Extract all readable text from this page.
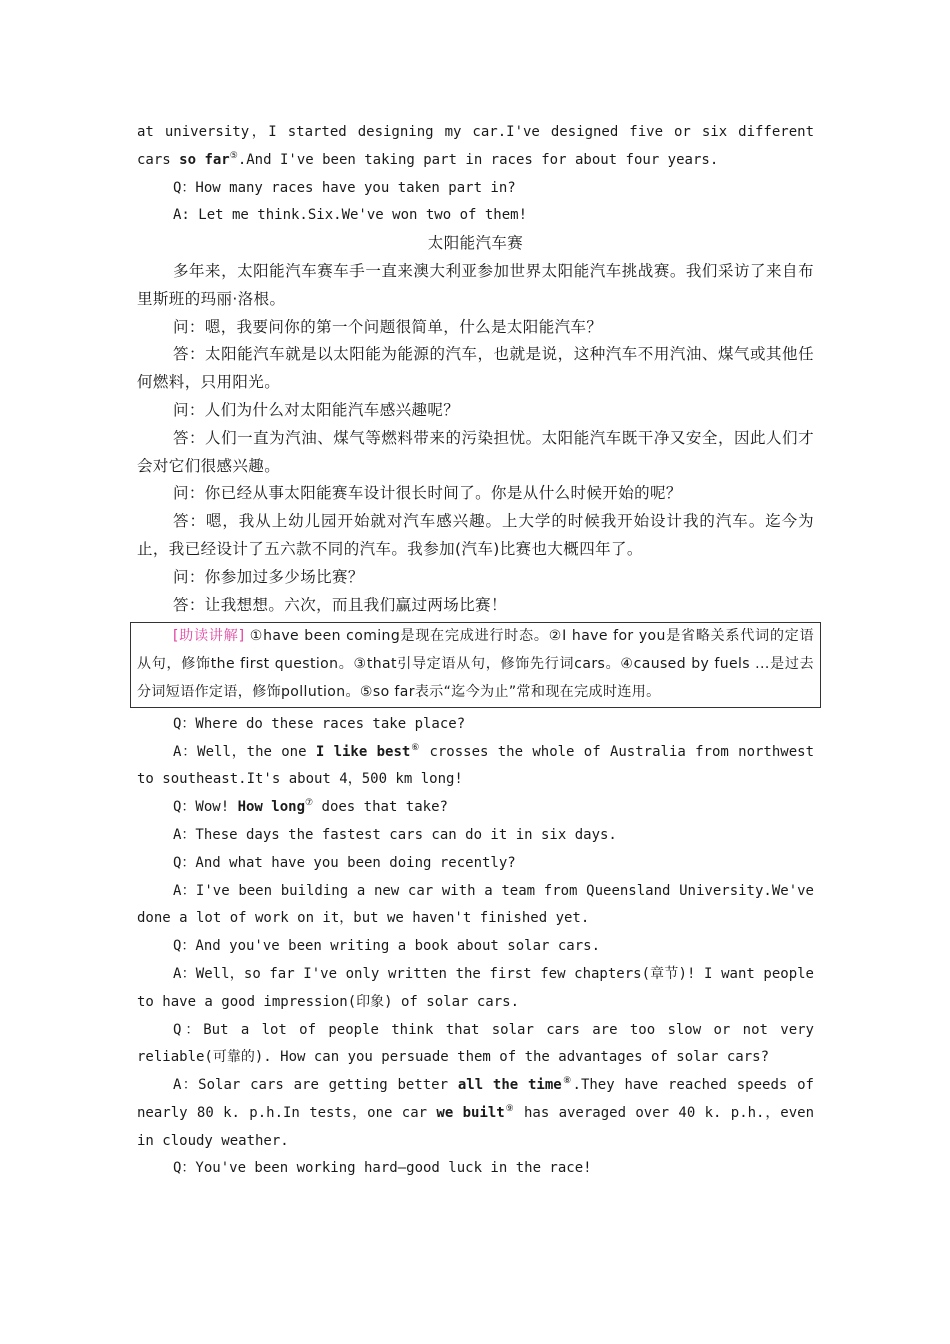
at university，I started designing my car.I've designed five or six different cars so far⑤.And I've been taking part in races for about four years.

Q：How many races have you taken part in?

A: Let me think.Six.We've won two of them!

太阳能汽车赛

多年来，太阳能汽车赛车手一直来澳大利亚参加世界太阳能汽车挑战赛。我们采访了来自布里斯班的玛丽·洛根。

问：嗯，我要问你的第一个问题很简单，什么是太阳能汽车？

答：太阳能汽车就是以太阳能为能源的汽车，也就是说，这种汽车不用汽油、煤气或其他任何燃料，只用阳光。

问：人们为什么对太阳能汽车感兴趣呢？

答：人们一直为汽油、煤气等燃料带来的污染担忧。太阳能汽车既干净又安全，因此人们才会对它们很感兴趣。

问：你已经从事太阳能赛车设计很长时间了。你是从什么时候开始的呢？

答：嗯，我从上幼儿园开始就对汽车感兴趣。上大学的时候我开始设计我的汽车。迄今为止，我已经设计了五六款不同的汽车。我参加(汽车)比赛也大概四年了。

问：你参加过多少场比赛？

答：让我想想。六次，而且我们赢过两场比赛！

[助读讲解] ①have been coming是现在完成进行时态。②I have for you是省略关系代词的定语从句，修饰the first question。③that引导定语从句，修饰先行词cars。④caused by fuels ...是过去分词短语作定语，修饰pollution。⑤so far表示“迄今为止”常和现在完成时连用。

Q：Where do these races take place?

A：Well，the one I like best⑥ crosses the whole of Australia from northwest to southeast.It's about 4，500 km long!

Q：Wow! How long⑦ does that take?

A：These days the fastest cars can do it in six days.

Q：And what have you been doing recently?

A：I've been building a new car with a team from Queensland University.We've done a lot of work on it，but we haven't finished yet.

Q：And you've been writing a book about solar cars.

A：Well，so far I've only written the first few chapters(章节)! I want people to have a good impression(印象) of solar cars.

Q：But a lot of people think that solar cars are too slow or not very reliable(可靠的). How can you persuade them of the advantages of solar cars?

A：Solar cars are getting better all the time⑧.They have reached speeds of nearly 80 k. p.h.In tests，one car we built⑨ has averaged over 40 k. p.h.，even in cloudy weather.

Q：You've been working hard—good luck in the race!
